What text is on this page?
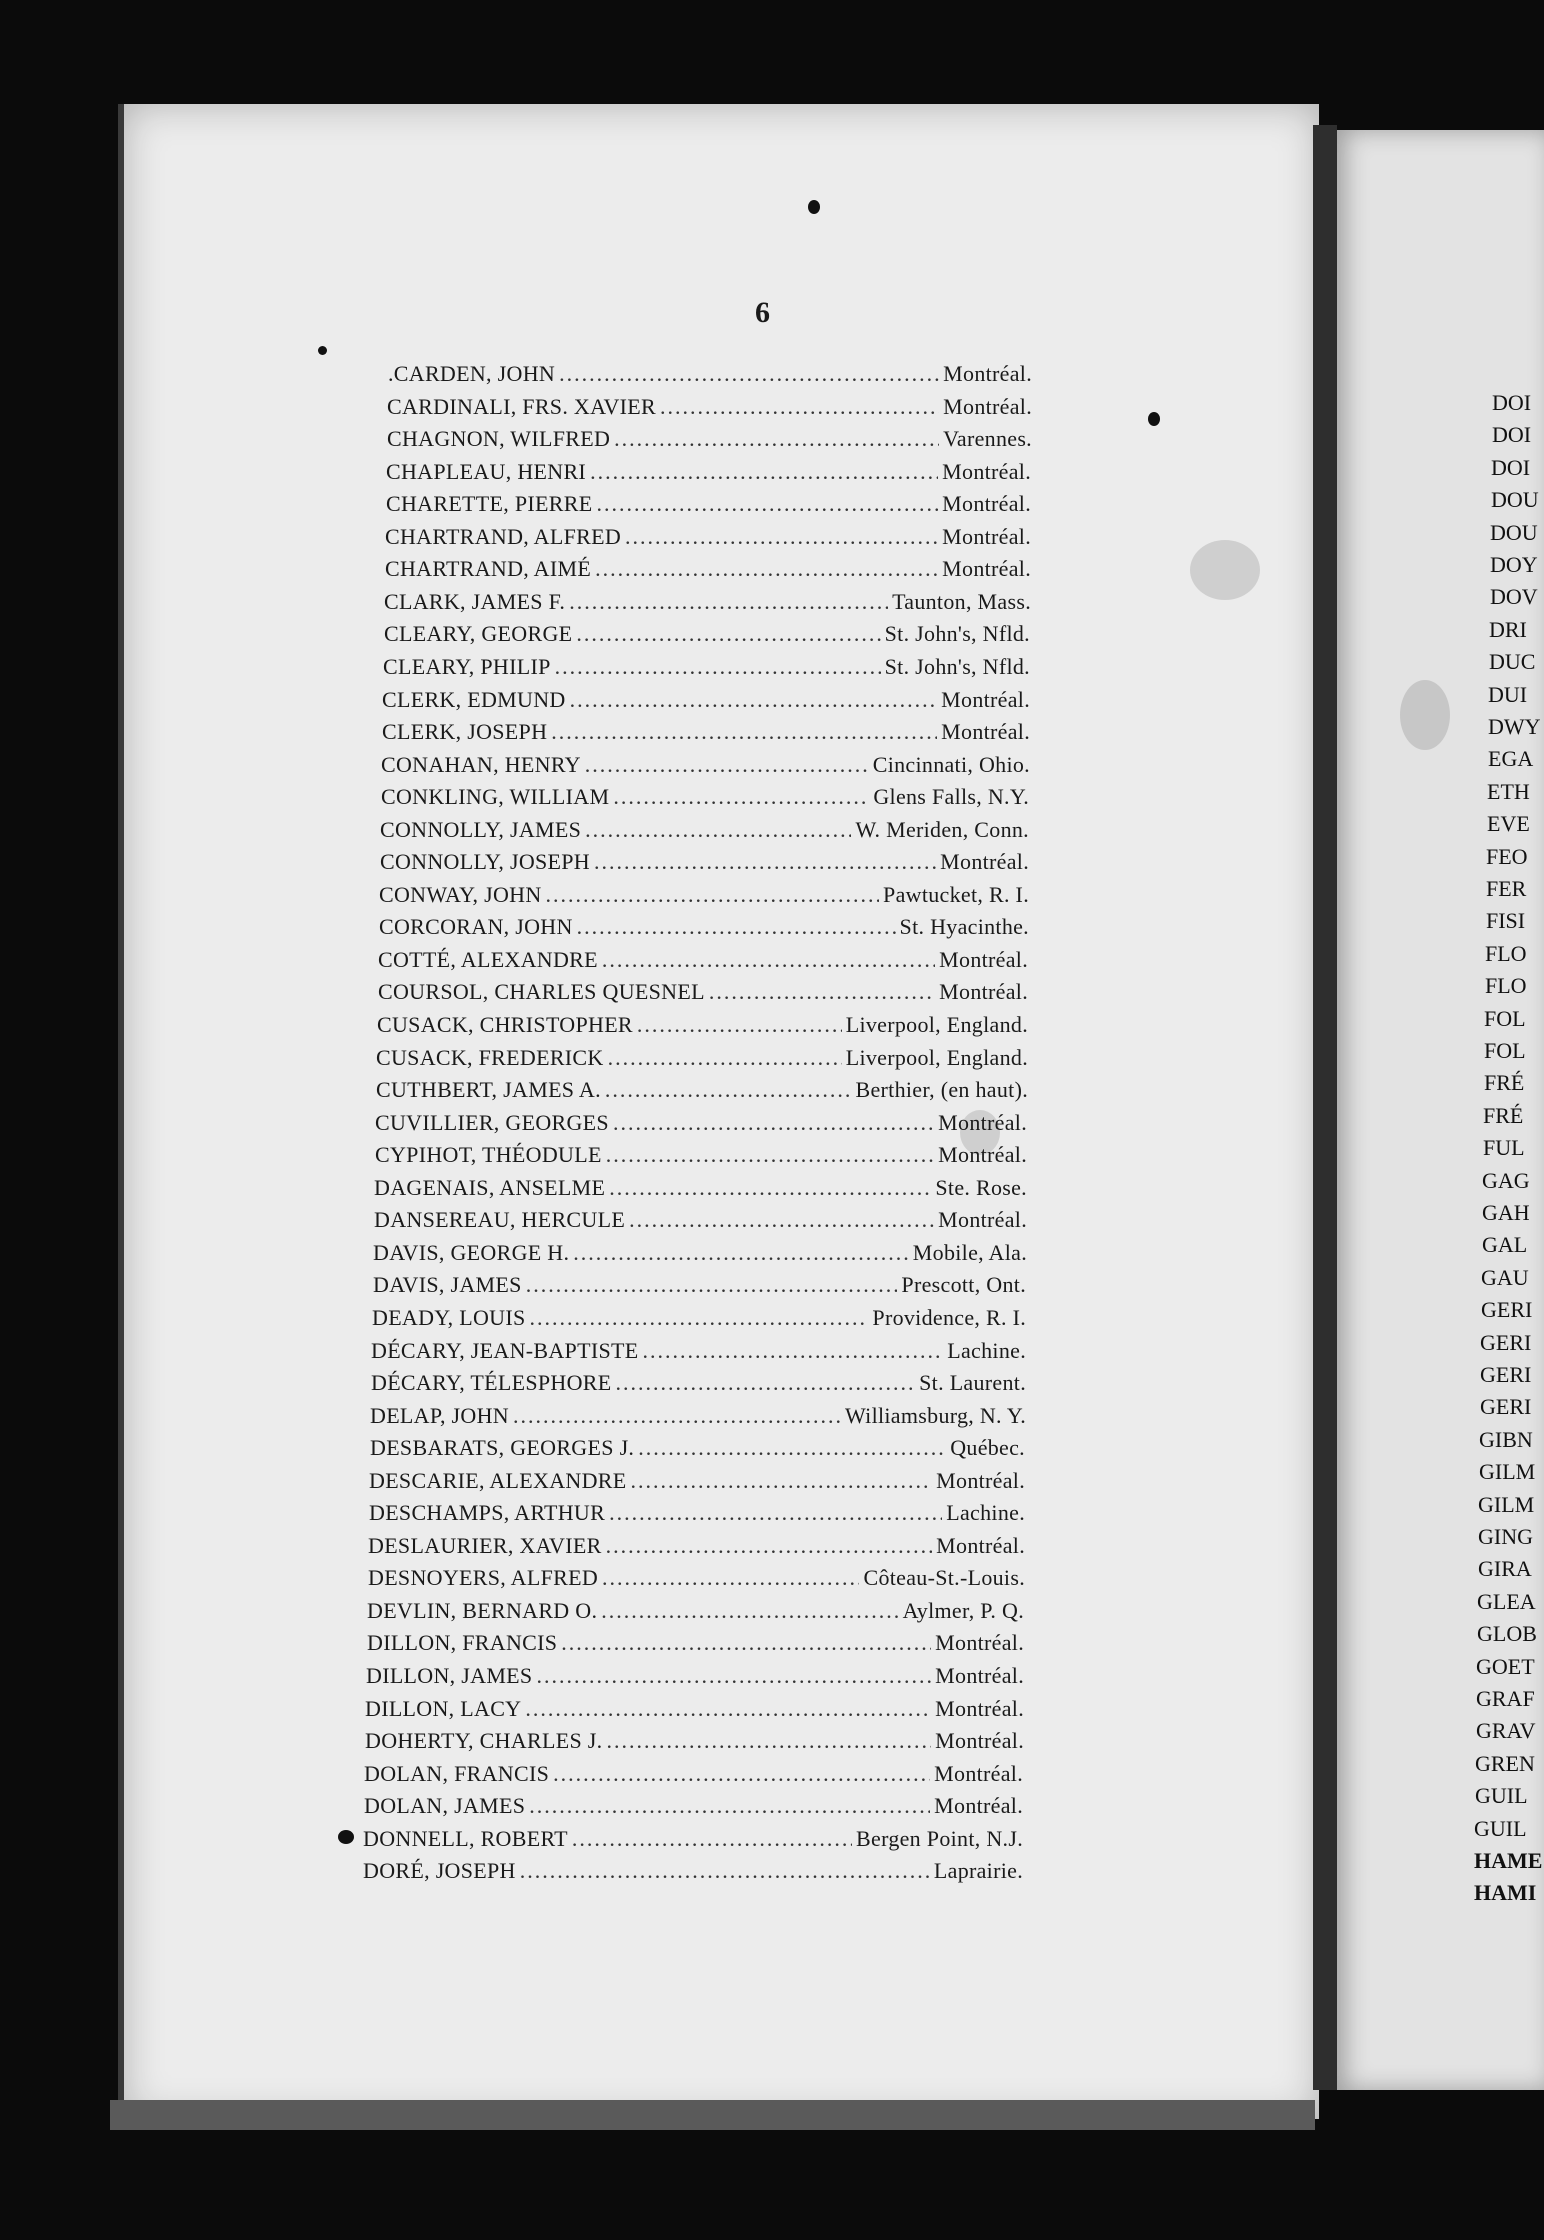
6
.CARDEN, JOHN .....	Montréal.
CARDINALI, FRS. XAVIER .....	Montréal.
CHAGNON, WILFRED .....	Varennes.
CHAPLEAU, HENRI .....	Montréal.
CHARETTE, PIERRE .....	Montréal.
CHARTRAND, ALFRED .....	Montréal.
CHARTRAND, AIMÉ .....	Montréal.
CLARK, JAMES F. .....	Taunton, Mass.
CLEARY, GEORGE .....	St. John's, Nfld.
CLEARY, PHILIP .....	St. John's, Nfld.
CLERK, EDMUND .....	Montréal.
CLERK, JOSEPH .....	Montréal.
CONAHAN, HENRY .....	Cincinnati, Ohio.
CONKLING, WILLIAM .....	Glens Falls, N.Y.
CONNOLLY, JAMES .....	W. Meriden, Conn.
CONNOLLY, JOSEPH .....	Montréal.
CONWAY, JOHN .....	Pawtucket, R. I.
CORCORAN, JOHN .....	St. Hyacinthe.
COTTÉ, ALEXANDRE .....	Montréal.
COURSOL, CHARLES QUESNEL .....	Montréal.
CUSACK, CHRISTOPHER .....	Liverpool, England.
CUSACK, FREDERICK .....	Liverpool, England.
CUTHBERT, JAMES A. .....	Berthier, (en haut).
CUVILLIER, GEORGES .....	Montréal.
CYPIHOT, THÉODULE .....	Montréal.
DAGENAIS, ANSELME .....	Ste. Rose.
DANSEREAU, HERCULE .....	Montréal.
DAVIS, GEORGE H. .....	Mobile, Ala.
DAVIS, JAMES .....	Prescott, Ont.
DEADY, LOUIS .....	Providence, R. I.
DÉCARY, JEAN-BAPTISTE .....	Lachine.
DÉCARY, TÉLESPHORE .....	St. Laurent.
DELAP, JOHN .....	Williamsburg, N. Y.
DESBARATS, GEORGES J. .....	Québec.
DESCARIE, ALEXANDRE .....	Montréal.
DESCHAMPS, ARTHUR .....	Lachine.
DESLAURIER, XAVIER .....	Montréal.
DESNOYERS, ALFRED .....	Côteau-St.-Louis.
DEVLIN, BERNARD O. .....	Aylmer, P. Q.
DILLON, FRANCIS .....	Montréal.
DILLON, JAMES .....	Montréal.
DILLON, LACY .....	Montréal.
DOHERTY, CHARLES J. .....	Montréal.
DOLAN, FRANCIS .....	Montréal.
DOLAN, JAMES .....	Montréal.
DONNELL, ROBERT .....	Bergen Point, N.J.
DORÉ, JOSEPH .....	Laprairie.
DOI
DOI
DOI
DOU
DOU
DOY
DOV
DRI
DUC
DUI
DWY
EGA
ETH
EVE
FEO
FER
FISI
FLO
FLO
FOL
FOL
FRÉ
FRÉ
FUL
GAG
GAH
GAL
GAU
GERI
GERI
GERI
GERI
GIBN
GILM
GILM
GING
GIRA
GLEA
GLOB
GOET
GRAF
GRAV
GREN
GUIL
GUIL
HAME
HAMI
